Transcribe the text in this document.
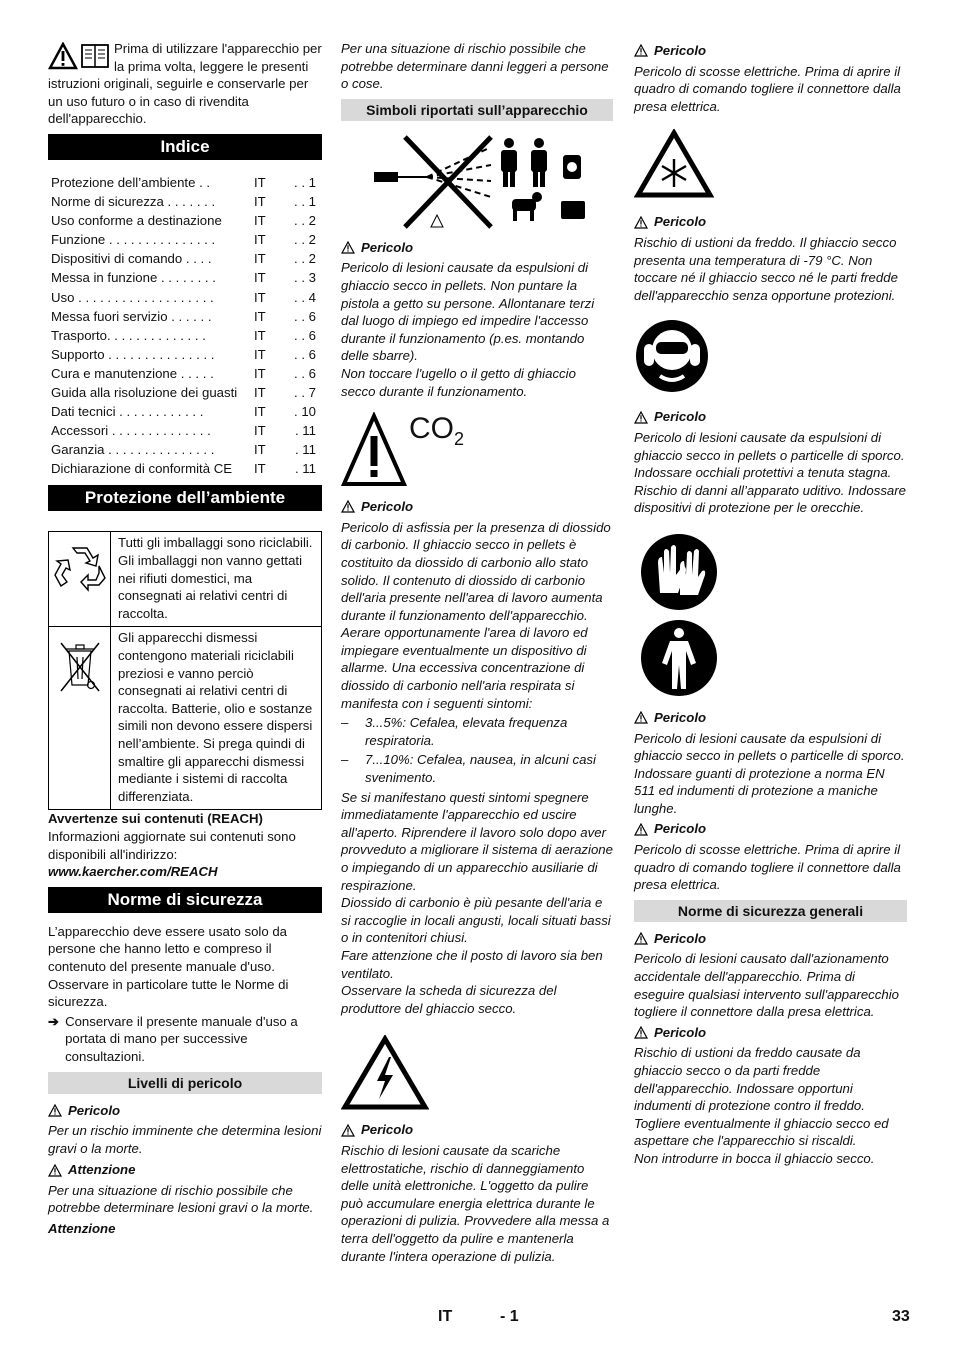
Prima di utilizzare l'apparecchio per la prima volta, leggere le presenti istruzioni originali, seguirle e conservarle per un uso futuro o in caso di rivendita dell'apparecchio.

Indice
Protezione dell’ambiente . .	IT	. . 1
Norme di sicurezza . . . . . . .	IT	. . 1
Uso conforme a destinazione	IT	. . 2
Funzione . . . . . . . . . . . . . . .	IT	. . 2
Dispositivi di comando . . . .	IT	. . 2
Messa in funzione . . . . . . . .	IT	. . 3
Uso . . . . . . . . . . . . . . . . . . .	IT	. . 4
Messa fuori servizio . . . . . .	IT	. . 6
Trasporto. . . . . . . . . . . . . .	IT	. . 6
Supporto . . . . . . . . . . . . . . .	IT	. . 6
Cura e manutenzione . . . . .	IT	. . 6
Guida alla risoluzione dei guasti	IT	. . 7
Dati tecnici . . . . . . . . . . . .	IT	. 10
Accessori . . . . . . . . . . . . . .	IT	. 11
Garanzia . . . . . . . . . . . . . . .	IT	. 11
Dichiarazione di conformità CE	IT	. 11
Protezione dell’ambiente
Tutti gli imballaggi sono riciclabili. Gli imballaggi non vanno gettati nei rifiuti domestici, ma consegnati ai relativi centri di raccolta.
Gli apparecchi dismessi contengono materiali riciclabili preziosi e vanno perciò consegnati ai relativi centri di raccolta. Batterie, olio e sostanze simili non devono essere dispersi nell’ambiente. Si prega quindi di smaltire gli apparecchi dismessi mediante i sistemi di raccolta differenziata.

Avvertenze sui contenuti (REACH)

Informazioni aggiornate sui contenuti sono disponibili all'indirizzo:

www.kaercher.com/REACH

Norme di sicurezza

L’apparecchio deve essere usato solo da persone che hanno letto e compreso il contenuto del presente manuale d'uso. Osservare in particolare tutte le Norme di sicurezza.

➔ Conservare il presente manuale d'uso a portata di mano per successive consultazioni.
Livelli di pericolo
Pericolo

Per un rischio imminente che determina lesioni gravi o la morte.

Attenzione

Per una situazione di rischio possibile che potrebbe determinare lesioni gravi o la morte.

Attenzione

Per una situazione di rischio possibile che potrebbe determinare danni leggeri a persone o cose.

Simboli riportati sull’apparecchio
Pericolo

Pericolo di lesioni causate da espulsioni di ghiaccio secco in pellets. Non puntare la pistola a getto su persone. Allontanare terzi dal luogo di impiego ed impedire l'accesso durante il funzionamento (p.es. montando delle sbarre).

Non toccare l'ugello o il getto di ghiaccio secco durante il funzionamento.

$CO_2$
Pericolo

Pericolo di asfissia per la presenza di diossido di carbonio. Il ghiaccio secco in pellets è costituito da diossido di carbonio allo stato solido. Il contenuto di diossido di carbonio dell'aria presente nell'area di lavoro aumenta durante il funzionamento dell'apparecchio. Aerare opportunamente l'area di lavoro ed impiegare eventualmente un dispositivo di allarme. Una eccessiva concentrazione di diossido di carbonio nell'aria respirata si manifesta con i seguenti sintomi:

–	3...5%: Cefalea, elevata frequenza respiratoria.
–	7...10%: Cefalea, nausea, in alcuni casi svenimento.

Se si manifestano questi sintomi spegnere immediatamente l'apparecchio ed uscire all'aperto. Riprendere il lavoro solo dopo aver provveduto a migliorare il sistema di aerazione o impiegando di un apparecchio ausiliarie di respirazione.

Diossido di carbonio è più pesante dell'aria e si raccoglie in locali angusti, locali situati bassi o in contenitori chiusi.

Fare attenzione che il posto di lavoro sia ben ventilato.

Osservare la scheda di sicurezza del produttore del ghiaccio secco.

Pericolo

Rischio di lesioni causate da scariche elettrostatiche, rischio di danneggiamento delle unità elettroniche. L'oggetto da pulire può accumulare energia elettrica durante le operazioni di pulizia. Provvedere alla messa a terra dell'oggetto da pulire e mantenerla durante l'intera operazione di pulizia.

Pericolo

Pericolo di scosse elettriche. Prima di aprire il quadro di comando togliere il connettore dalla presa elettrica.

Pericolo

Rischio di ustioni da freddo. Il ghiaccio secco presenta una temperatura di -79 °C. Non toccare né il ghiaccio secco né le parti fredde dell'apparecchio senza opportune protezioni.

Pericolo

Pericolo di lesioni causate da espulsioni di ghiaccio secco in pellets o particelle di sporco. Indossare occhiali protettivi a tenuta stagna.

Rischio di danni all’apparato uditivo. Indossare dispositivi di protezione per le orecchie.

Pericolo

Pericolo di lesioni causate da espulsioni di ghiaccio secco in pellets o particelle di sporco.

Indossare guanti di protezione a norma EN 511 ed indumenti di protezione a maniche lunghe.

Pericolo

Pericolo di scosse elettriche. Prima di aprire il quadro di comando togliere il connettore dalla presa elettrica.

Norme di sicurezza generali
Pericolo

Pericolo di lesioni causato dall'azionamento accidentale dell'apparecchio. Prima di eseguire qualsiasi intervento sull'apparecchio togliere il connettore dalla presa elettrica.

Pericolo

Rischio di ustioni da freddo causate da ghiaccio secco o da parti fredde dell'apparecchio. Indossare opportuni indumenti di protezione contro il freddo. Togliere eventualmente il ghiaccio secco ed aspettare che l'apparecchio si riscaldi.

Non introdurre in bocca il ghiaccio secco.

IT	- 1	33
